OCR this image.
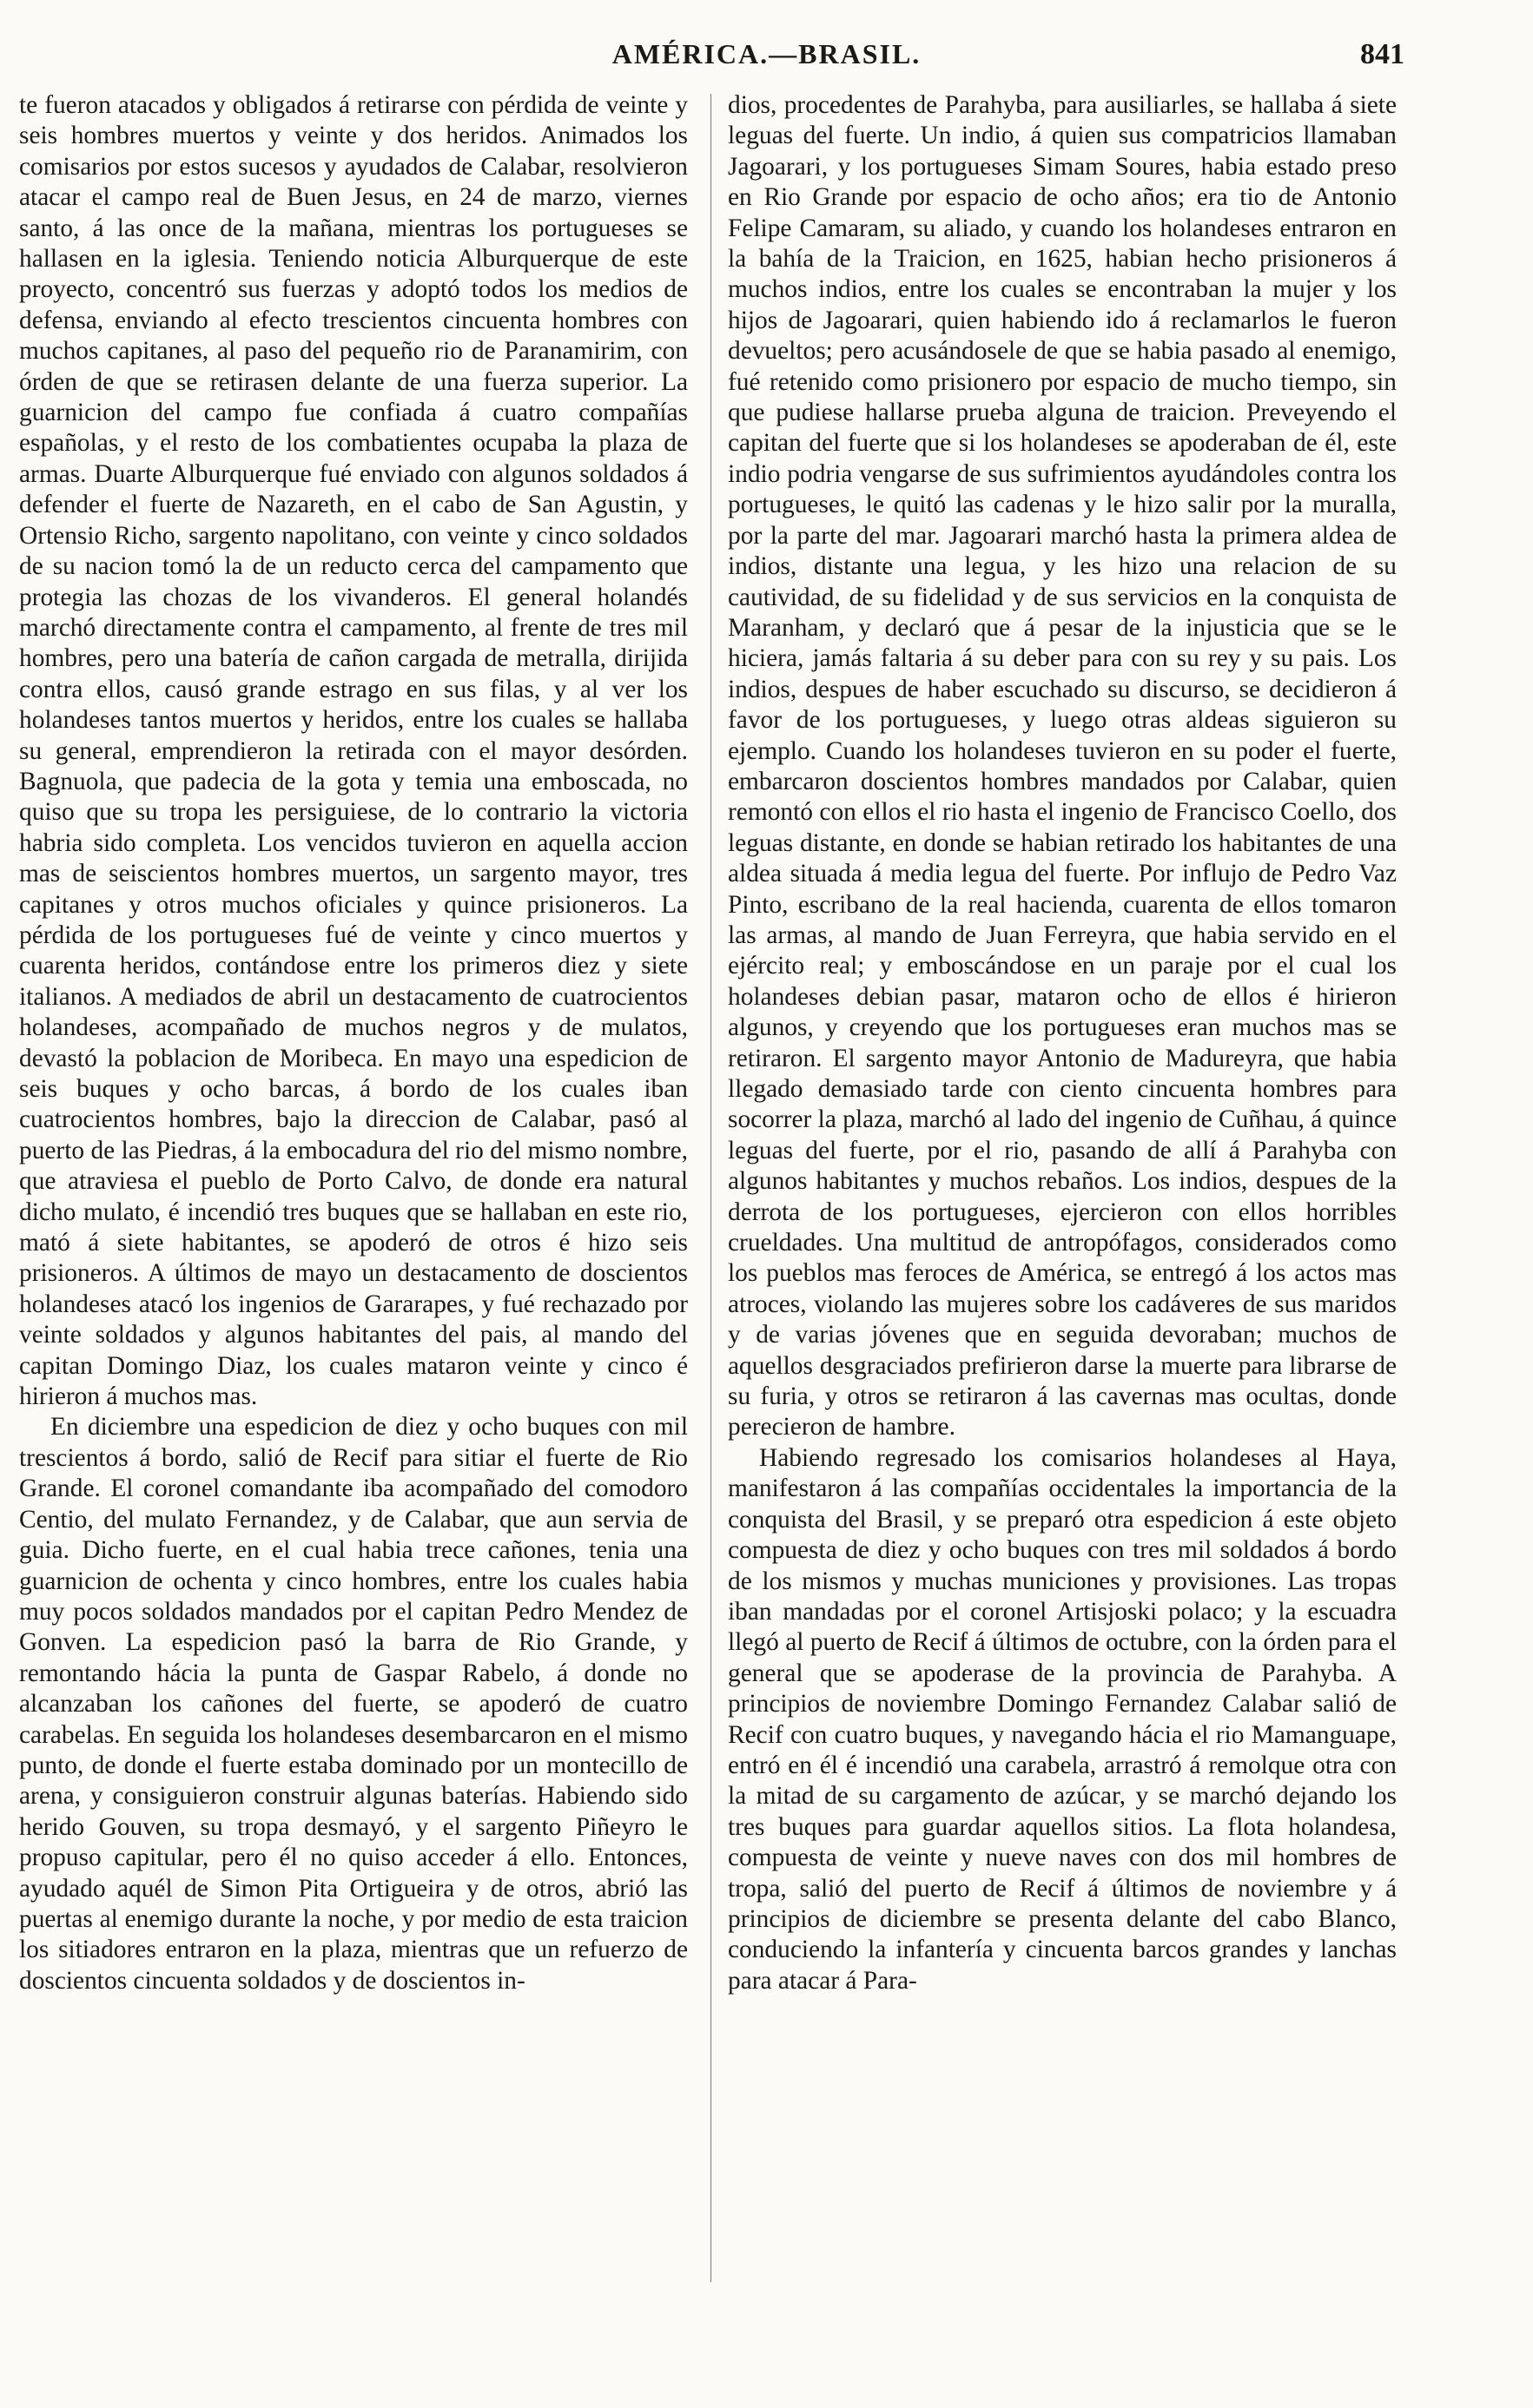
AMÉRICA.—BRASIL.	841

te fueron atacados y obligados á retirarse con pérdida de veinte y seis hombres muertos y veinte y dos heridos. Animados los comisarios por estos sucesos y ayudados de Calabar, resolvieron atacar el campo real de Buen Jesus, en 24 de marzo, viernes santo, á las once de la mañana, mientras los portugueses se hallasen en la iglesia. Teniendo noticia Alburquerque de este proyecto, concentró sus fuerzas y adoptó todos los medios de defensa, enviando al efecto trescientos cincuenta hombres con muchos capitanes, al paso del pequeño rio de Paranamirim, con órden de que se retirasen delante de una fuerza superior. La guarnicion del campo fue confiada á cuatro compañías españolas, y el resto de los combatientes ocupaba la plaza de armas. Duarte Alburquerque fué enviado con algunos soldados á defender el fuerte de Nazareth, en el cabo de San Agustin, y Ortensio Richo, sargento napolitano, con veinte y cinco soldados de su nacion tomó la de un reducto cerca del campamento que protegia las chozas de los vivanderos. El general holandés marchó directamente contra el campamento, al frente de tres mil hombres, pero una batería de cañon cargada de metralla, dirijida contra ellos, causó grande estrago en sus filas, y al ver los holandeses tantos muertos y heridos, entre los cuales se hallaba su general, emprendieron la retirada con el mayor desórden. Bagnuola, que padecia de la gota y temia una emboscada, no quiso que su tropa les persiguiese, de lo contrario la victoria habria sido completa. Los vencidos tuvieron en aquella accion mas de seiscientos hombres muertos, un sargento mayor, tres capitanes y otros muchos oficiales y quince prisioneros. La pérdida de los portugueses fué de veinte y cinco muertos y cuarenta heridos, contándose entre los primeros diez y siete italianos. A mediados de abril un destacamento de cuatrocientos holandeses, acompañado de muchos negros y de mulatos, devastó la poblacion de Moribeca. En mayo una espedicion de seis buques y ocho barcas, á bordo de los cuales iban cuatrocientos hombres, bajo la direccion de Calabar, pasó al puerto de las Piedras, á la embocadura del rio del mismo nombre, que atraviesa el pueblo de Porto Calvo, de donde era natural dicho mulato, é incendió tres buques que se hallaban en este rio, mató á siete habitantes, se apoderó de otros é hizo seis prisioneros. A últimos de mayo un destacamento de doscientos holandeses atacó los ingenios de Gararapes, y fué rechazado por veinte soldados y algunos habitantes del pais, al mando del capitan Domingo Diaz, los cuales mataron veinte y cinco é hirieron á muchos mas.

En diciembre una espedicion de diez y ocho buques con mil trescientos á bordo, salió de Recif para sitiar el fuerte de Rio Grande. El coronel comandante iba acompañado del comodoro Centio, del mulato Fernandez, y de Calabar, que aun servia de guia. Dicho fuerte, en el cual habia trece cañones, tenia una guarnicion de ochenta y cinco hombres, entre los cuales habia muy pocos soldados mandados por el capitan Pedro Mendez de Gonven. La espedicion pasó la barra de Rio Grande, y remontando hácia la punta de Gaspar Rabelo, á donde no alcanzaban los cañones del fuerte, se apoderó de cuatro carabelas. En seguida los holandeses desembarcaron en el mismo punto, de donde el fuerte estaba dominado por un montecillo de arena, y consiguieron construir algunas baterías. Habiendo sido herido Gouven, su tropa desmayó, y el sargento Piñeyro le propuso capitular, pero él no quiso acceder á ello. Entonces, ayudado aquél de Simon Pita Ortigueira y de otros, abrió las puertas al enemigo durante la noche, y por medio de esta traicion los sitiadores entraron en la plaza, mientras que un refuerzo de doscientos cincuenta soldados y de doscientos in-

dios, procedentes de Parahyba, para ausiliarles, se hallaba á siete leguas del fuerte. Un indio, á quien sus compatricios llamaban Jagoarari, y los portugueses Simam Soures, habia estado preso en Rio Grande por espacio de ocho años; era tio de Antonio Felipe Camaram, su aliado, y cuando los holandeses entraron en la bahía de la Traicion, en 1625, habian hecho prisioneros á muchos indios, entre los cuales se encontraban la mujer y los hijos de Jagoarari, quien habiendo ido á reclamarlos le fueron devueltos; pero acusándosele de que se habia pasado al enemigo, fué retenido como prisionero por espacio de mucho tiempo, sin que pudiese hallarse prueba alguna de traicion. Preveyendo el capitan del fuerte que si los holandeses se apoderaban de él, este indio podria vengarse de sus sufrimientos ayudándoles contra los portugueses, le quitó las cadenas y le hizo salir por la muralla, por la parte del mar. Jagoarari marchó hasta la primera aldea de indios, distante una legua, y les hizo una relacion de su cautividad, de su fidelidad y de sus servicios en la conquista de Maranham, y declaró que á pesar de la injusticia que se le hiciera, jamás faltaria á su deber para con su rey y su pais. Los indios, despues de haber escuchado su discurso, se decidieron á favor de los portugueses, y luego otras aldeas siguieron su ejemplo. Cuando los holandeses tuvieron en su poder el fuerte, embarcaron doscientos hombres mandados por Calabar, quien remontó con ellos el rio hasta el ingenio de Francisco Coello, dos leguas distante, en donde se habian retirado los habitantes de una aldea situada á media legua del fuerte. Por influjo de Pedro Vaz Pinto, escribano de la real hacienda, cuarenta de ellos tomaron las armas, al mando de Juan Ferreyra, que habia servido en el ejército real; y emboscándose en un paraje por el cual los holandeses debian pasar, mataron ocho de ellos é hirieron algunos, y creyendo que los portugueses eran muchos mas se retiraron. El sargento mayor Antonio de Madureyra, que habia llegado demasiado tarde con ciento cincuenta hombres para socorrer la plaza, marchó al lado del ingenio de Cuñhau, á quince leguas del fuerte, por el rio, pasando de allí á Parahyba con algunos habitantes y muchos rebaños. Los indios, despues de la derrota de los portugueses, ejercieron con ellos horribles crueldades. Una multitud de antropófagos, considerados como los pueblos mas feroces de América, se entregó á los actos mas atroces, violando las mujeres sobre los cadáveres de sus maridos y de varias jóvenes que en seguida devoraban; muchos de aquellos desgraciados prefirieron darse la muerte para librarse de su furia, y otros se retiraron á las cavernas mas ocultas, donde perecieron de hambre.

Habiendo regresado los comisarios holandeses al Haya, manifestaron á las compañías occidentales la importancia de la conquista del Brasil, y se preparó otra espedicion á este objeto compuesta de diez y ocho buques con tres mil soldados á bordo de los mismos y muchas municiones y provisiones. Las tropas iban mandadas por el coronel Artisjoski polaco; y la escuadra llegó al puerto de Recif á últimos de octubre, con la órden para el general que se apoderase de la provincia de Parahyba. A principios de noviembre Domingo Fernandez Calabar salió de Recif con cuatro buques, y navegando hácia el rio Mamanguape, entró en él é incendió una carabela, arrastró á remolque otra con la mitad de su cargamento de azúcar, y se marchó dejando los tres buques para guardar aquellos sitios. La flota holandesa, compuesta de veinte y nueve naves con dos mil hombres de tropa, salió del puerto de Recif á últimos de noviembre y á principios de diciembre se presenta delante del cabo Blanco, conduciendo la infantería y cincuenta barcos grandes y lanchas para atacar á Para-
